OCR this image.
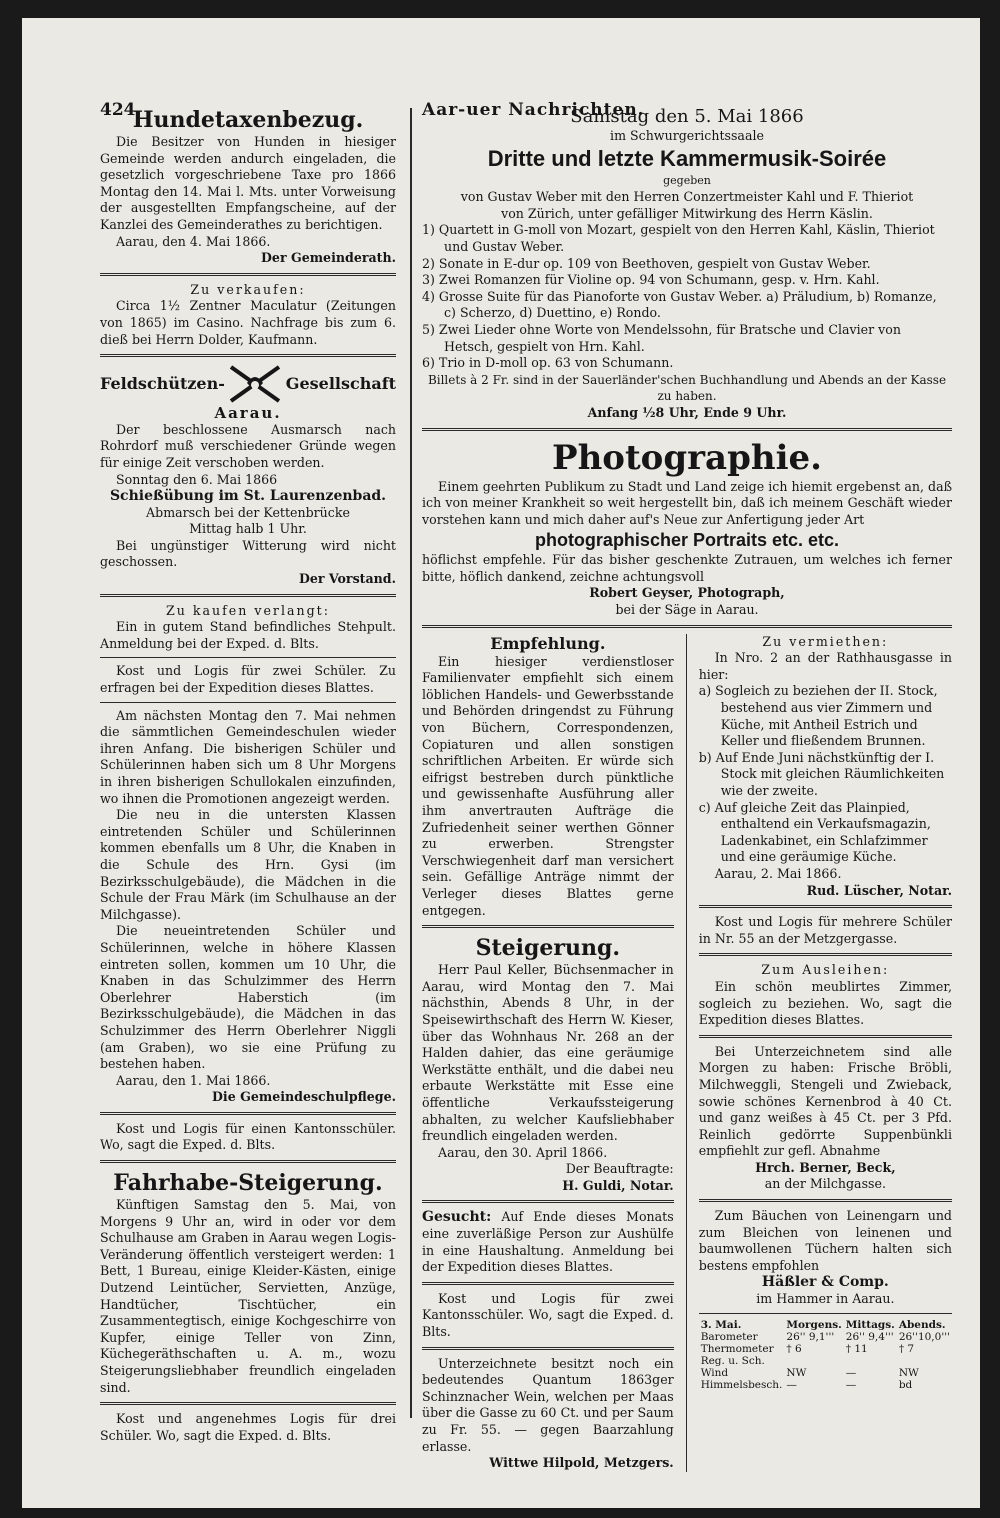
424	Aar-uer Nachrichten.
Hundetaxenbezug.

Die Besitzer von Hunden in hiesiger Gemeinde werden andurch eingeladen, die gesetzlich vorgeschriebene Taxe pro 1866 Montag den 14. Mai l. Mts. unter Vorweisung der ausgestellten Empfangscheine, auf der Kanzlei des Gemeinderathes zu berichtigen.

Aarau, den 4. Mai 1866.

Der Gemeinderath.

Zu verkaufen:

Circa 1½ Zentner Maculatur (Zeitungen von 1865) im Casino. Nachfrage bis zum 6. dieß bei Herrn Dolder, Kaufmann.

Feldschützen-	Gesellschaft

Aarau.

Der beschlossene Ausmarsch nach Rohrdorf muß verschiedener Gründe wegen für einige Zeit verschoben werden.

Sonntag den 6. Mai 1866

Schießübung im St. Laurenzenbad.

Abmarsch bei der Kettenbrücke

Mittag halb 1 Uhr.

Bei ungünstiger Witterung wird nicht geschossen.

Der Vorstand.

Zu kaufen verlangt:

Ein in gutem Stand befindliches Stehpult. Anmeldung bei der Exped. d. Blts.

Kost und Logis für zwei Schüler. Zu erfragen bei der Expedition dieses Blattes.

Am nächsten Montag den 7. Mai nehmen die sämmtlichen Gemeindeschulen wieder ihren Anfang. Die bisherigen Schüler und Schülerinnen haben sich um 8 Uhr Morgens in ihren bisherigen Schullokalen einzufinden, wo ihnen die Promotionen angezeigt werden.

Die neu in die untersten Klassen eintretenden Schüler und Schülerinnen kommen ebenfalls um 8 Uhr, die Knaben in die Schule des Hrn. Gysi (im Bezirksschulgebäude), die Mädchen in die Schule der Frau Märk (im Schulhause an der Milchgasse).

Die neueintretenden Schüler und Schülerinnen, welche in höhere Klassen eintreten sollen, kommen um 10 Uhr, die Knaben in das Schulzimmer des Herrn Oberlehrer Haberstich (im Bezirksschulgebäude), die Mädchen in das Schulzimmer des Herrn Oberlehrer Niggli (am Graben), wo sie eine Prüfung zu bestehen haben.

Aarau, den 1. Mai 1866.

Die Gemeindeschulpflege.

Kost und Logis für einen Kantonsschüler. Wo, sagt die Exped. d. Blts.

Fahrhabe-Steigerung.

Künftigen Samstag den 5. Mai, von Morgens 9 Uhr an, wird in oder vor dem Schulhause am Graben in Aarau wegen Logis-Veränderung öffentlich versteigert werden: 1 Bett, 1 Bureau, einige Kleider-Kästen, einige Dutzend Leintücher, Servietten, Anzüge, Handtücher, Tischtücher, ein Zusammentegtisch, einige Kochgeschirre von Kupfer, einige Teller von Zinn, Küchegeräthschaften u. A. m., wozu Steigerungsliebhaber freundlich eingeladen sind.

Kost und angenehmes Logis für drei Schüler. Wo, sagt die Exped. d. Blts.

Samstag den 5. Mai 1866

im Schwurgerichtssaale

Dritte und letzte Kammermusik-Soirée

gegeben

von Gustav Weber mit den Herren Conzertmeister Kahl und F. Thieriot

von Zürich, unter gefälliger Mitwirkung des Herrn Käslin.

1) Quartett in G-moll von Mozart, gespielt von den Herren Kahl, Käslin, Thieriot und Gustav Weber.

2) Sonate in E-dur op. 109 von Beethoven, gespielt von Gustav Weber.

3) Zwei Romanzen für Violine op. 94 von Schumann, gesp. v. Hrn. Kahl.

4) Grosse Suite für das Pianoforte von Gustav Weber. a) Präludium, b) Romanze, c) Scherzo, d) Duettino, e) Rondo.

5) Zwei Lieder ohne Worte von Mendelssohn, für Bratsche und Clavier von Hetsch, gespielt von Hrn. Kahl.

6) Trio in D-moll op. 63 von Schumann.

Billets à 2 Fr. sind in der Sauerländer'schen Buchhandlung und Abends an der Kasse zu haben.

Anfang ½8 Uhr, Ende 9 Uhr.

Photographie.

Einem geehrten Publikum zu Stadt und Land zeige ich hiemit ergebenst an, daß ich von meiner Krankheit so weit hergestellt bin, daß ich meinem Geschäft wieder vorstehen kann und mich daher auf's Neue zur Anfertigung jeder Art

photographischer Portraits etc. etc.

höflichst empfehle. Für das bisher geschenkte Zutrauen, um welches ich ferner bitte, höflich dankend, zeichne achtungsvoll

Robert Geyser, Photograph,

bei der Säge in Aarau.

Empfehlung.

Ein hiesiger verdienstloser Familienvater empfiehlt sich einem löblichen Handels- und Gewerbsstande und Behörden dringendst zu Führung von Büchern, Correspondenzen, Copiaturen und allen sonstigen schriftlichen Arbeiten. Er würde sich eifrigst bestreben durch pünktliche und gewissenhafte Ausführung aller ihm anvertrauten Aufträge die Zufriedenheit seiner werthen Gönner zu erwerben. Strengster Verschwiegenheit darf man versichert sein. Gefällige Anträge nimmt der Verleger dieses Blattes gerne entgegen.

Steigerung.

Herr Paul Keller, Büchsenmacher in Aarau, wird Montag den 7. Mai nächsthin, Abends 8 Uhr, in der Speisewirthschaft des Herrn W. Kieser, über das Wohnhaus Nr. 268 an der Halden dahier, das eine geräumige Werkstätte enthält, und die dabei neu erbaute Werkstätte mit Esse eine öffentliche Verkaufssteigerung abhalten, zu welcher Kaufsliebhaber freundlich eingeladen werden.

Aarau, den 30. April 1866.

Der Beauftragte:

H. Guldi, Notar.

Gesucht: Auf Ende dieses Monats eine zuverläßige Person zur Aushülfe in eine Haushaltung. Anmeldung bei der Expedition dieses Blattes.

Kost und Logis für zwei Kantonsschüler. Wo, sagt die Exped. d. Blts.

Unterzeichnete besitzt noch ein bedeutendes Quantum 1863ger Schinznacher Wein, welchen per Maas über die Gasse zu 60 Ct. und per Saum zu Fr. 55. — gegen Baarzahlung erlasse.

Wittwe Hilpold, Metzgers.

Zu vermiethen:

In Nro. 2 an der Rathhausgasse in hier:

a) Sogleich zu beziehen der II. Stock, bestehend aus vier Zimmern und Küche, mit Antheil Estrich und Keller und fließendem Brunnen.

b) Auf Ende Juni nächstkünftig der I. Stock mit gleichen Räumlichkeiten wie der zweite.

c) Auf gleiche Zeit das Plainpied, enthaltend ein Verkaufsmagazin, Ladenkabinet, ein Schlafzimmer und eine geräumige Küche.

Aarau, 2. Mai 1866.

Rud. Lüscher, Notar.

Kost und Logis für mehrere Schüler in Nr. 55 an der Metzgergasse.

Zum Ausleihen:

Ein schön meublirtes Zimmer, sogleich zu beziehen. Wo, sagt die Expedition dieses Blattes.

Bei Unterzeichnetem sind alle Morgen zu haben: Frische Bröbli, Milchweggli, Stengeli und Zwieback, sowie schönes Kernenbrod à 40 Ct. und ganz weißes à 45 Ct. per 3 Pfd. Reinlich gedörrte Suppenbünkli empfiehlt zur gefl. Abnahme

Hrch. Berner, Beck,

an der Milchgasse.

Zum Bäuchen von Leinengarn und zum Bleichen von leinenen und baumwollenen Tüchern halten sich bestens empfohlen

Häßler & Comp.

im Hammer in Aarau.

3. Mai.	Morgens.	Mittags.	Abends.
Barometer	26'' 9,1'''	26'' 9,4'''	26''10,0'''
Thermometer	† 6	† 11	† 7
Reg. u. Sch.			
Wind	NW	—	NW
Himmelsbesch.	—	—	bd
